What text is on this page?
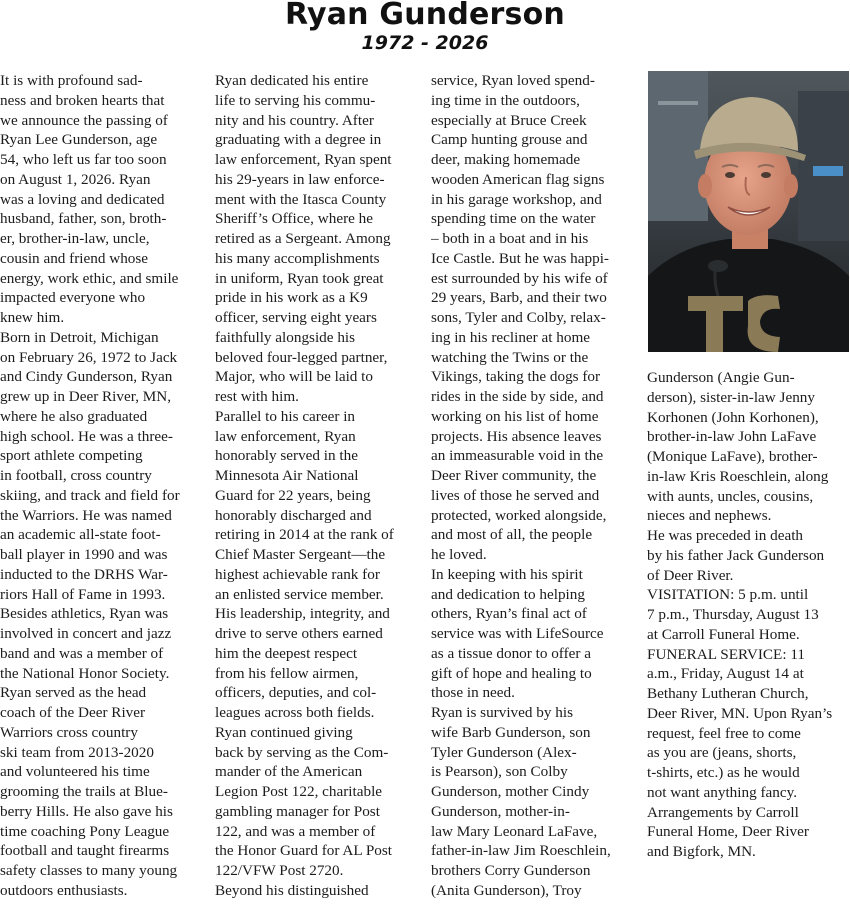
Ryan Gunderson
1972 - 2026
It is with profound sad-
ness and broken hearts that
we announce the passing of
Ryan Lee Gunderson, age
54, who left us far too soon
on August 1, 2026. Ryan
was a loving and dedicated
husband, father, son, broth-
er, brother-in-law, uncle,
cousin and friend whose
energy, work ethic, and smile
impacted everyone who
knew him.
Born in Detroit, Michigan
on February 26, 1972 to Jack
and Cindy Gunderson, Ryan
grew up in Deer River, MN,
where he also graduated
high school. He was a three-
sport athlete competing
in football, cross country
skiing, and track and field for
the Warriors. He was named
an academic all-state foot-
ball player in 1990 and was
inducted to the DRHS War-
riors Hall of Fame in 1993.
Besides athletics, Ryan was
involved in concert and jazz
band and was a member of
the National Honor Society.
Ryan served as the head
coach of the Deer River
Warriors cross country
ski team from 2013-2020
and volunteered his time
grooming the trails at Blue-
berry Hills. He also gave his
time coaching Pony League
football and taught firearms
safety classes to many young
outdoors enthusiasts.
Ryan dedicated his entire
life to serving his commu-
nity and his country. After
graduating with a degree in
law enforcement, Ryan spent
his 29-years in law enforce-
ment with the Itasca County
Sheriff’s Office, where he
retired as a Sergeant. Among
his many accomplishments
in uniform, Ryan took great
pride in his work as a K9
officer, serving eight years
faithfully alongside his
beloved four-legged partner,
Major, who will be laid to
rest with him.
Parallel to his career in
law enforcement, Ryan
honorably served in the
Minnesota Air National
Guard for 22 years, being
honorably discharged and
retiring in 2014 at the rank of
Chief Master Sergeant—the
highest achievable rank for
an enlisted service member.
His leadership, integrity, and
drive to serve others earned
him the deepest respect
from his fellow airmen,
officers, deputies, and col-
leagues across both fields.
Ryan continued giving
back by serving as the Com-
mander of the American
Legion Post 122, charitable
gambling manager for Post
122, and was a member of
the Honor Guard for AL Post
122/VFW Post 2720.
Beyond his distinguished
service, Ryan loved spend-
ing time in the outdoors,
especially at Bruce Creek
Camp hunting grouse and
deer, making homemade
wooden American flag signs
in his garage workshop, and
spending time on the water
– both in a boat and in his
Ice Castle. But he was happi-
est surrounded by his wife of
29 years, Barb, and their two
sons, Tyler and Colby, relax-
ing in his recliner at home
watching the Twins or the
Vikings, taking the dogs for
rides in the side by side, and
working on his list of home
projects. His absence leaves
an immeasurable void in the
Deer River community, the
lives of those he served and
protected, worked alongside,
and most of all, the people
he loved.
In keeping with his spirit
and dedication to helping
others, Ryan’s final act of
service was with LifeSource
as a tissue donor to offer a
gift of hope and healing to
those in need.
Ryan is survived by his
wife Barb Gunderson, son
Tyler Gunderson (Alex-
is Pearson), son Colby
Gunderson, mother Cindy
Gunderson, mother-in-
law Mary Leonard LaFave,
father-in-law Jim Roeschlein,
brothers Corry Gunderson
(Anita Gunderson), Troy
Gunderson (Angie Gun-
derson), sister-in-law Jenny
Korhonen (John Korhonen),
brother-in-law John LaFave
(Monique LaFave), brother-
in-law Kris Roeschlein, along
with aunts, uncles, cousins,
nieces and nephews.
He was preceded in death
by his father Jack Gunderson
of Deer River.
VISITATION: 5 p.m. until
7 p.m., Thursday, August 13
at Carroll Funeral Home.
FUNERAL SERVICE: 11
a.m., Friday, August 14 at
Bethany Lutheran Church,
Deer River, MN. Upon Ryan’s
request, feel free to come
as you are (jeans, shorts,
t-shirts, etc.) as he would
not want anything fancy.
Arrangements by Carroll
Funeral Home, Deer River
and Bigfork, MN.
